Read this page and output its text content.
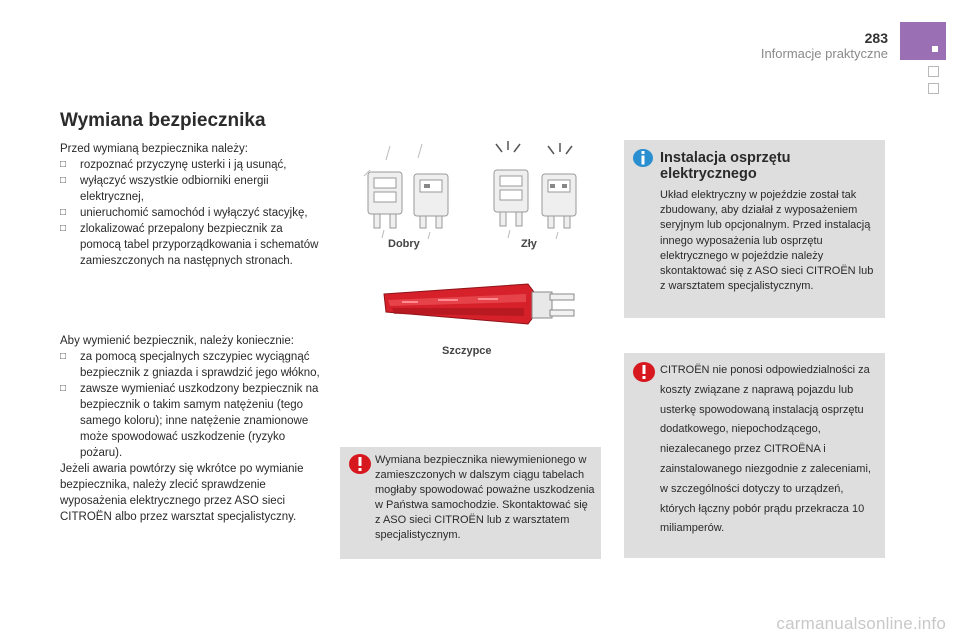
283
Informacje praktyczne
Wymiana bezpiecznika

Przed wymianą bezpiecznika należy:

□ rozpoznać przyczynę usterki i ją usunąć,
□ wyłączyć wszystkie odbiorniki energii elektrycznej,
□ unieruchomić samochód i wyłączyć stacyjkę,
□ zlokalizować przepalony bezpiecznik za pomocą tabel przyporządkowania i schematów zamieszczonych na następnych stronach.

Aby wymienić bezpiecznik, należy koniecznie:

□ za pomocą specjalnych szczypiec wyciągnąć bezpiecznik z gniazda i sprawdzić jego włókno,
□ zawsze wymieniać uszkodzony bezpiecznik na bezpiecznik o takim samym natężeniu (tego samego koloru); inne natężenie znamionowe może spowodować uszkodzenie (ryzyko pożaru).

Jeżeli awaria powtórzy się wkrótce po wymianie bezpiecznika, należy zlecić sprawdzenie wyposażenia elektrycznego przez ASO sieci CITROËN albo przez warsztat specjalistyczny.

Dobry	Zły
Szczypce
Wymiana bezpiecznika niewymienionego w zamieszczonych w dalszym ciągu tabelach mogłaby spowodować poważne uszkodzenia w Państwa samochodzie. Skontaktować się z ASO sieci CITROËN lub z warsztatem specjalistycznym.
Instalacja osprzętu elektrycznego
Układ elektryczny w pojeździe został tak zbudowany, aby działał z wyposażeniem seryjnym lub opcjonalnym. Przed instalacją innego wyposażenia lub osprzętu elektrycznego w pojeździe należy skontaktować się z ASO sieci CITROËN lub z warsztatem specjalistycznym.
CITROËN nie ponosi odpowiedzialności za koszty związane z naprawą pojazdu lub usterkę spowodowaną instalacją osprzętu dodatkowego, niepochodzącego, niezalecanego przez CITROËNA i zainstalowanego niezgodnie z zaleceniami, w szczególności dotyczy to urządzeń, których łączny pobór prądu przekracza 10 miliamperów.
carmanualsonline.info
